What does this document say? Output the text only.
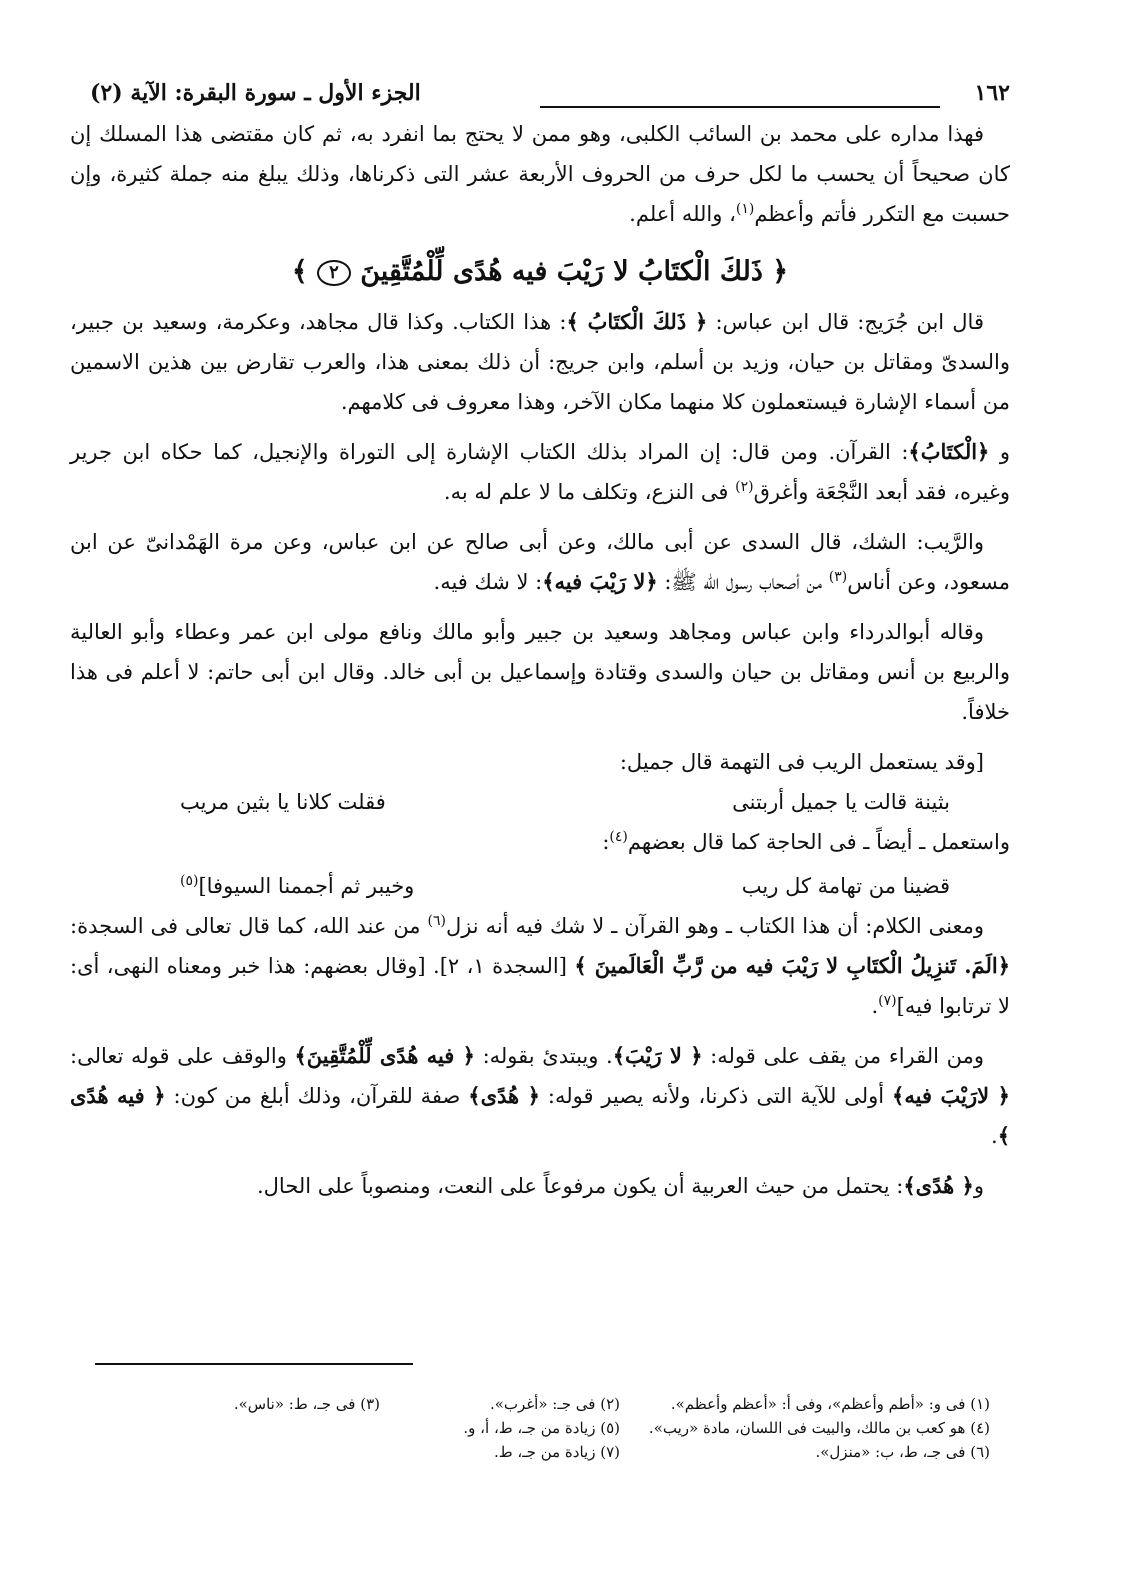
١٦٢
الجزء الأول ـ سورة البقرة: الآية (٢)

فهذا مداره على محمد بن السائب الكلبى، وهو ممن لا يحتج بما انفرد به، ثم كان مقتضى هذا المسلك إن كان صحيحاً أن يحسب ما لكل حرف من الحروف الأربعة عشر التى ذكرناها، وذلك يبلغ منه جملة كثيرة، وإن حسبت مع التكرر فأتم وأعظم$^{(١)}$، والله أعلم.

﴿ ذَلكَ الْكتَابُ لا رَيْبَ فيه هُدًى لِّلْمُتَّقِينَ ٢ ﴾

قال ابن جُرَيج: قال ابن عباس: ﴿ ذَلكَ الْكتَابُ ﴾: هذا الكتاب. وكذا قال مجاهد، وعكرمة، وسعيد بن جبير، والسدىّ ومقاتل بن حيان، وزيد بن أسلم، وابن جريج: أن ذلك بمعنى هذا، والعرب تقارض بين هذين الاسمين من أسماء الإشارة فيستعملون كلا منهما مكان الآخر، وهذا معروف فى كلامهم.

و ﴿الْكتَابُ﴾: القرآن. ومن قال: إن المراد بذلك الكتاب الإشارة إلى التوراة والإنجيل، كما حكاه ابن جرير وغيره، فقد أبعد النَّجْعَة وأغرق$^{(٢)}$ فى النزع، وتكلف ما لا علم له به.

والرَّيب: الشك، قال السدى عن أبى مالك، وعن أبى صالح عن ابن عباس، وعن مرة الهَمْدانىّ عن ابن مسعود، وعن أناس$^{(٣)}$ من أصحاب رسول الله ﷺ: ﴿لا رَيْبَ فيه﴾: لا شك فيه.

وقاله أبوالدرداء وابن عباس ومجاهد وسعيد بن جبير وأبو مالك ونافع مولى ابن عمر وعطاء وأبو العالية والربيع بن أنس ومقاتل بن حيان والسدى وقتادة وإسماعيل بن أبى خالد. وقال ابن أبى حاتم: لا أعلم فى هذا خلافاً.

[وقد يستعمل الريب فى التهمة قال جميل:

بثينة قالت يا جميل أربتنى
فقلت كلانا يا بثين مريب

واستعمل ـ أيضاً ـ فى الحاجة كما قال بعضهم$^{(٤)}$:

قضينا من تهامة كل ريب
وخيبر ثم أجممنا السيوفا]$^{(٥)}$

ومعنى الكلام: أن هذا الكتاب ـ وهو القرآن ـ لا شك فيه أنه نزل$^{(٦)}$ من عند الله، كما قال تعالى فى السجدة: ﴿الَمَ. تَنزِيلُ الْكتَابِ لا رَيْبَ فيه من رَّبِّ الْعَالَمينَ ﴾ [السجدة ١، ٢]. [وقال بعضهم: هذا خبر ومعناه النهى، أى: لا ترتابوا فيه]$^{(٧)}$.

ومن القراء من يقف على قوله: ﴿ لا رَيْبَ﴾. ويبتدئ بقوله: ﴿ فيه هُدًى لِّلْمُتَّقِينَ﴾ والوقف على قوله تعالى: ﴿ لارَيْبَ فيه﴾ أولى للآية التى ذكرنا، ولأنه يصير قوله: ﴿ هُدًى﴾ صفة للقرآن، وذلك أبلغ من كون: ﴿ فيه هُدًى ﴾.

و﴿ هُدًى﴾: يحتمل من حيث العربية أن يكون مرفوعاً على النعت، ومنصوباً على الحال.

(١) فى و: «أطم وأعظم»، وفى أ: «أعظم وأعظم».
(٢) فى جـ: «أغرب».
(٣) فى جـ، ط: «ناس».
(٤) هو كعب بن مالك، والبيت فى اللسان، مادة «ريب».
(٥) زيادة من جـ، ط، أ، و.
(٦) فى جـ، ط، ب: «منزل».
(٧) زيادة من جـ، ط.
